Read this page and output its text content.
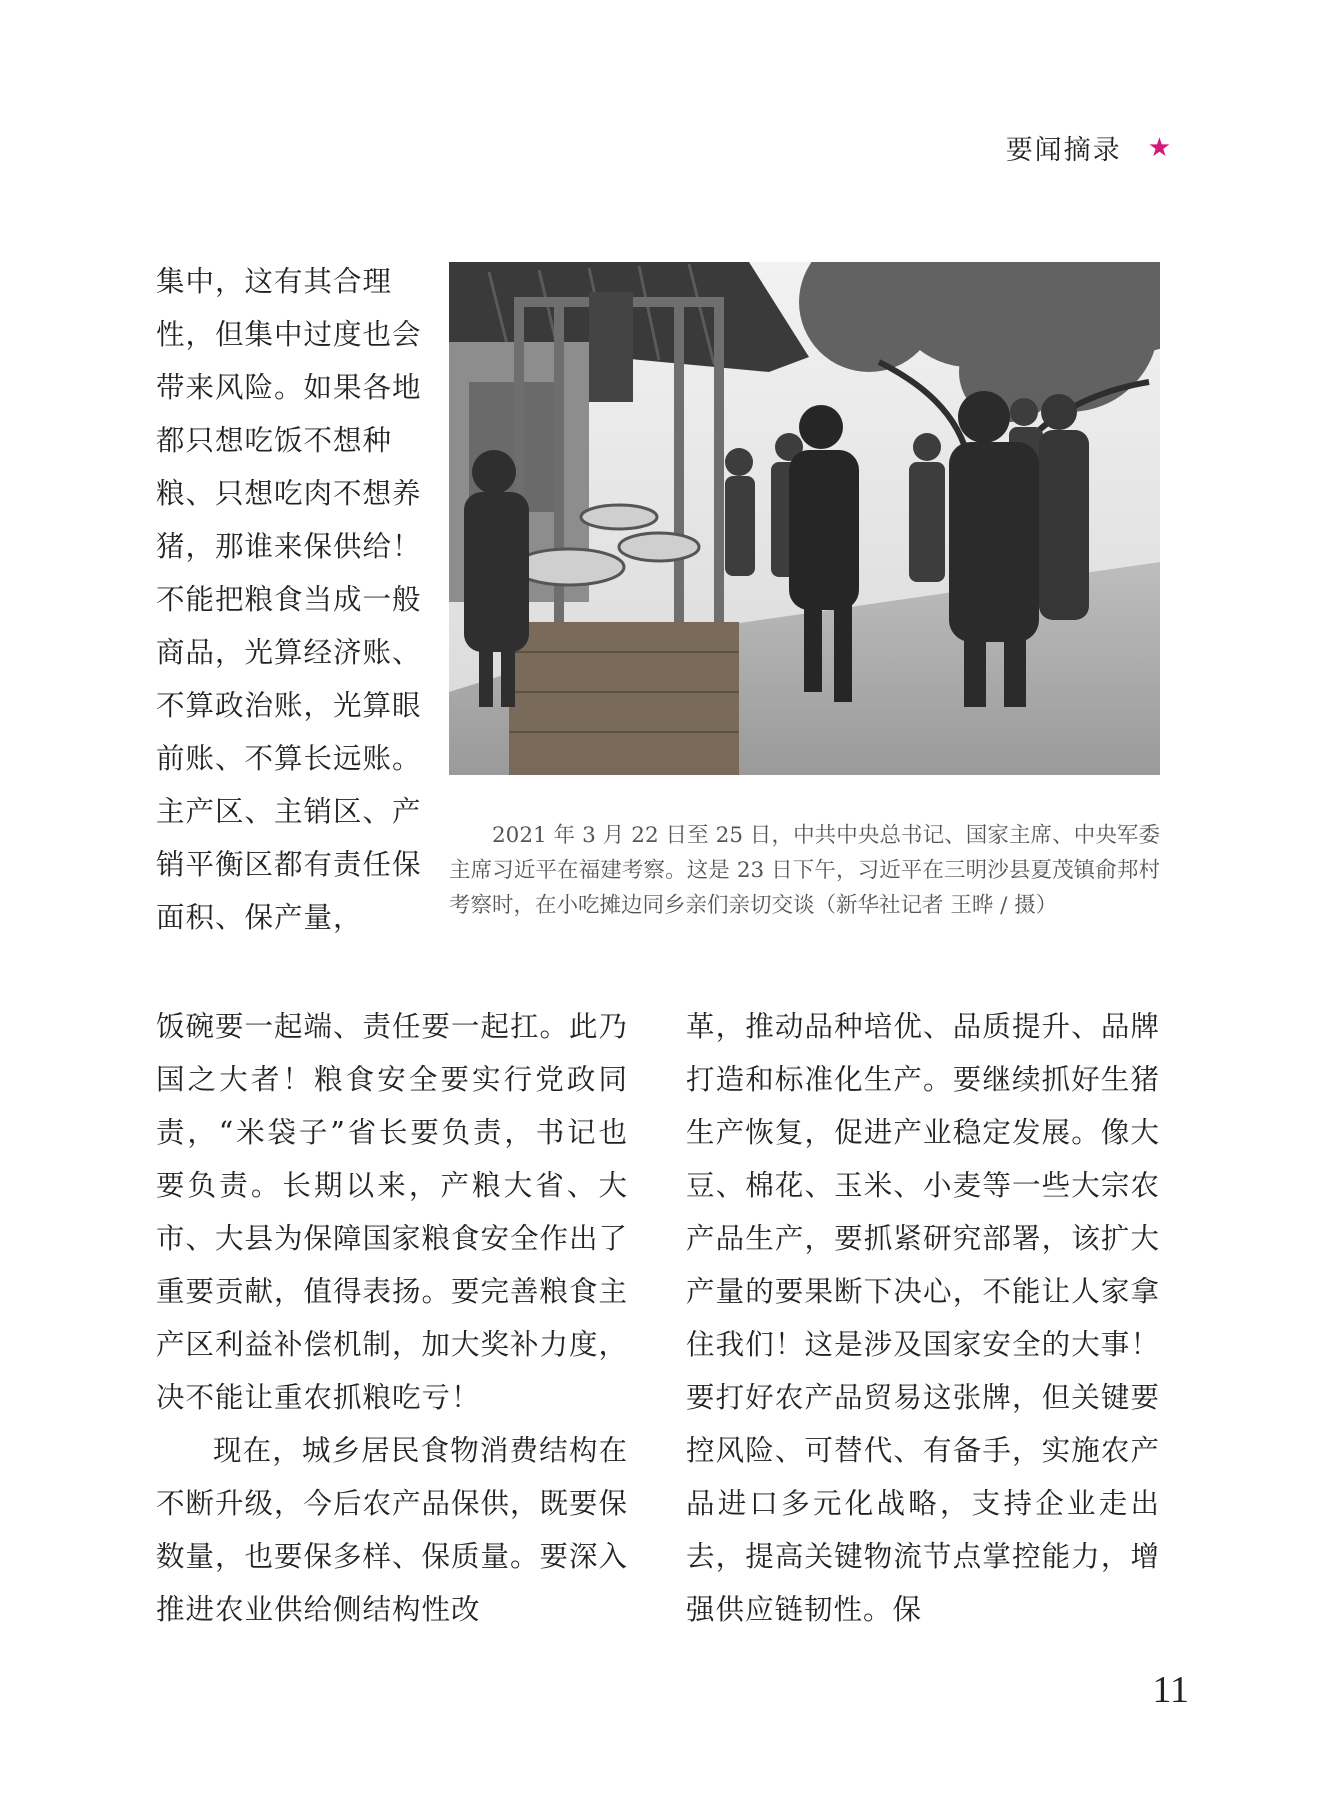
要闻摘录 ★

2021 年 3 月 22 日至 25 日，中共中央总书记、国家主席、中央军委主席习近平在福建考察。这是 23 日下午，习近平在三明沙县夏茂镇俞邦村考察时，在小吃摊边同乡亲们亲切交谈（新华社记者 王晔 / 摄）

集中，这有其合理性，但集中过度也会带来风险。如果各地都只想吃饭不想种粮、只想吃肉不想养猪，那谁来保供给！不能把粮食当成一般商品，光算经济账、不算政治账，光算眼前账、不算长远账。主产区、主销区、产销平衡区都有责任保面积、保产量，

饭碗要一起端、责任要一起扛。此乃国之大者！粮食安全要实行党政同责，“米袋子”省长要负责，书记也要负责。长期以来，产粮大省、大市、大县为保障国家粮食安全作出了重要贡献，值得表扬。要完善粮食主产区利益补偿机制，加大奖补力度，决不能让重农抓粮吃亏！

现在，城乡居民食物消费结构在不断升级，今后农产品保供，既要保数量，也要保多样、保质量。要深入推进农业供给侧结构性改

革，推动品种培优、品质提升、品牌打造和标准化生产。要继续抓好生猪生产恢复，促进产业稳定发展。像大豆、棉花、玉米、小麦等一些大宗农产品生产，要抓紧研究部署，该扩大产量的要果断下决心，不能让人家拿住我们！这是涉及国家安全的大事！要打好农产品贸易这张牌，但关键要控风险、可替代、有备手，实施农产品进口多元化战略，支持企业走出去，提高关键物流节点掌控能力，增强供应链韧性。保

11
